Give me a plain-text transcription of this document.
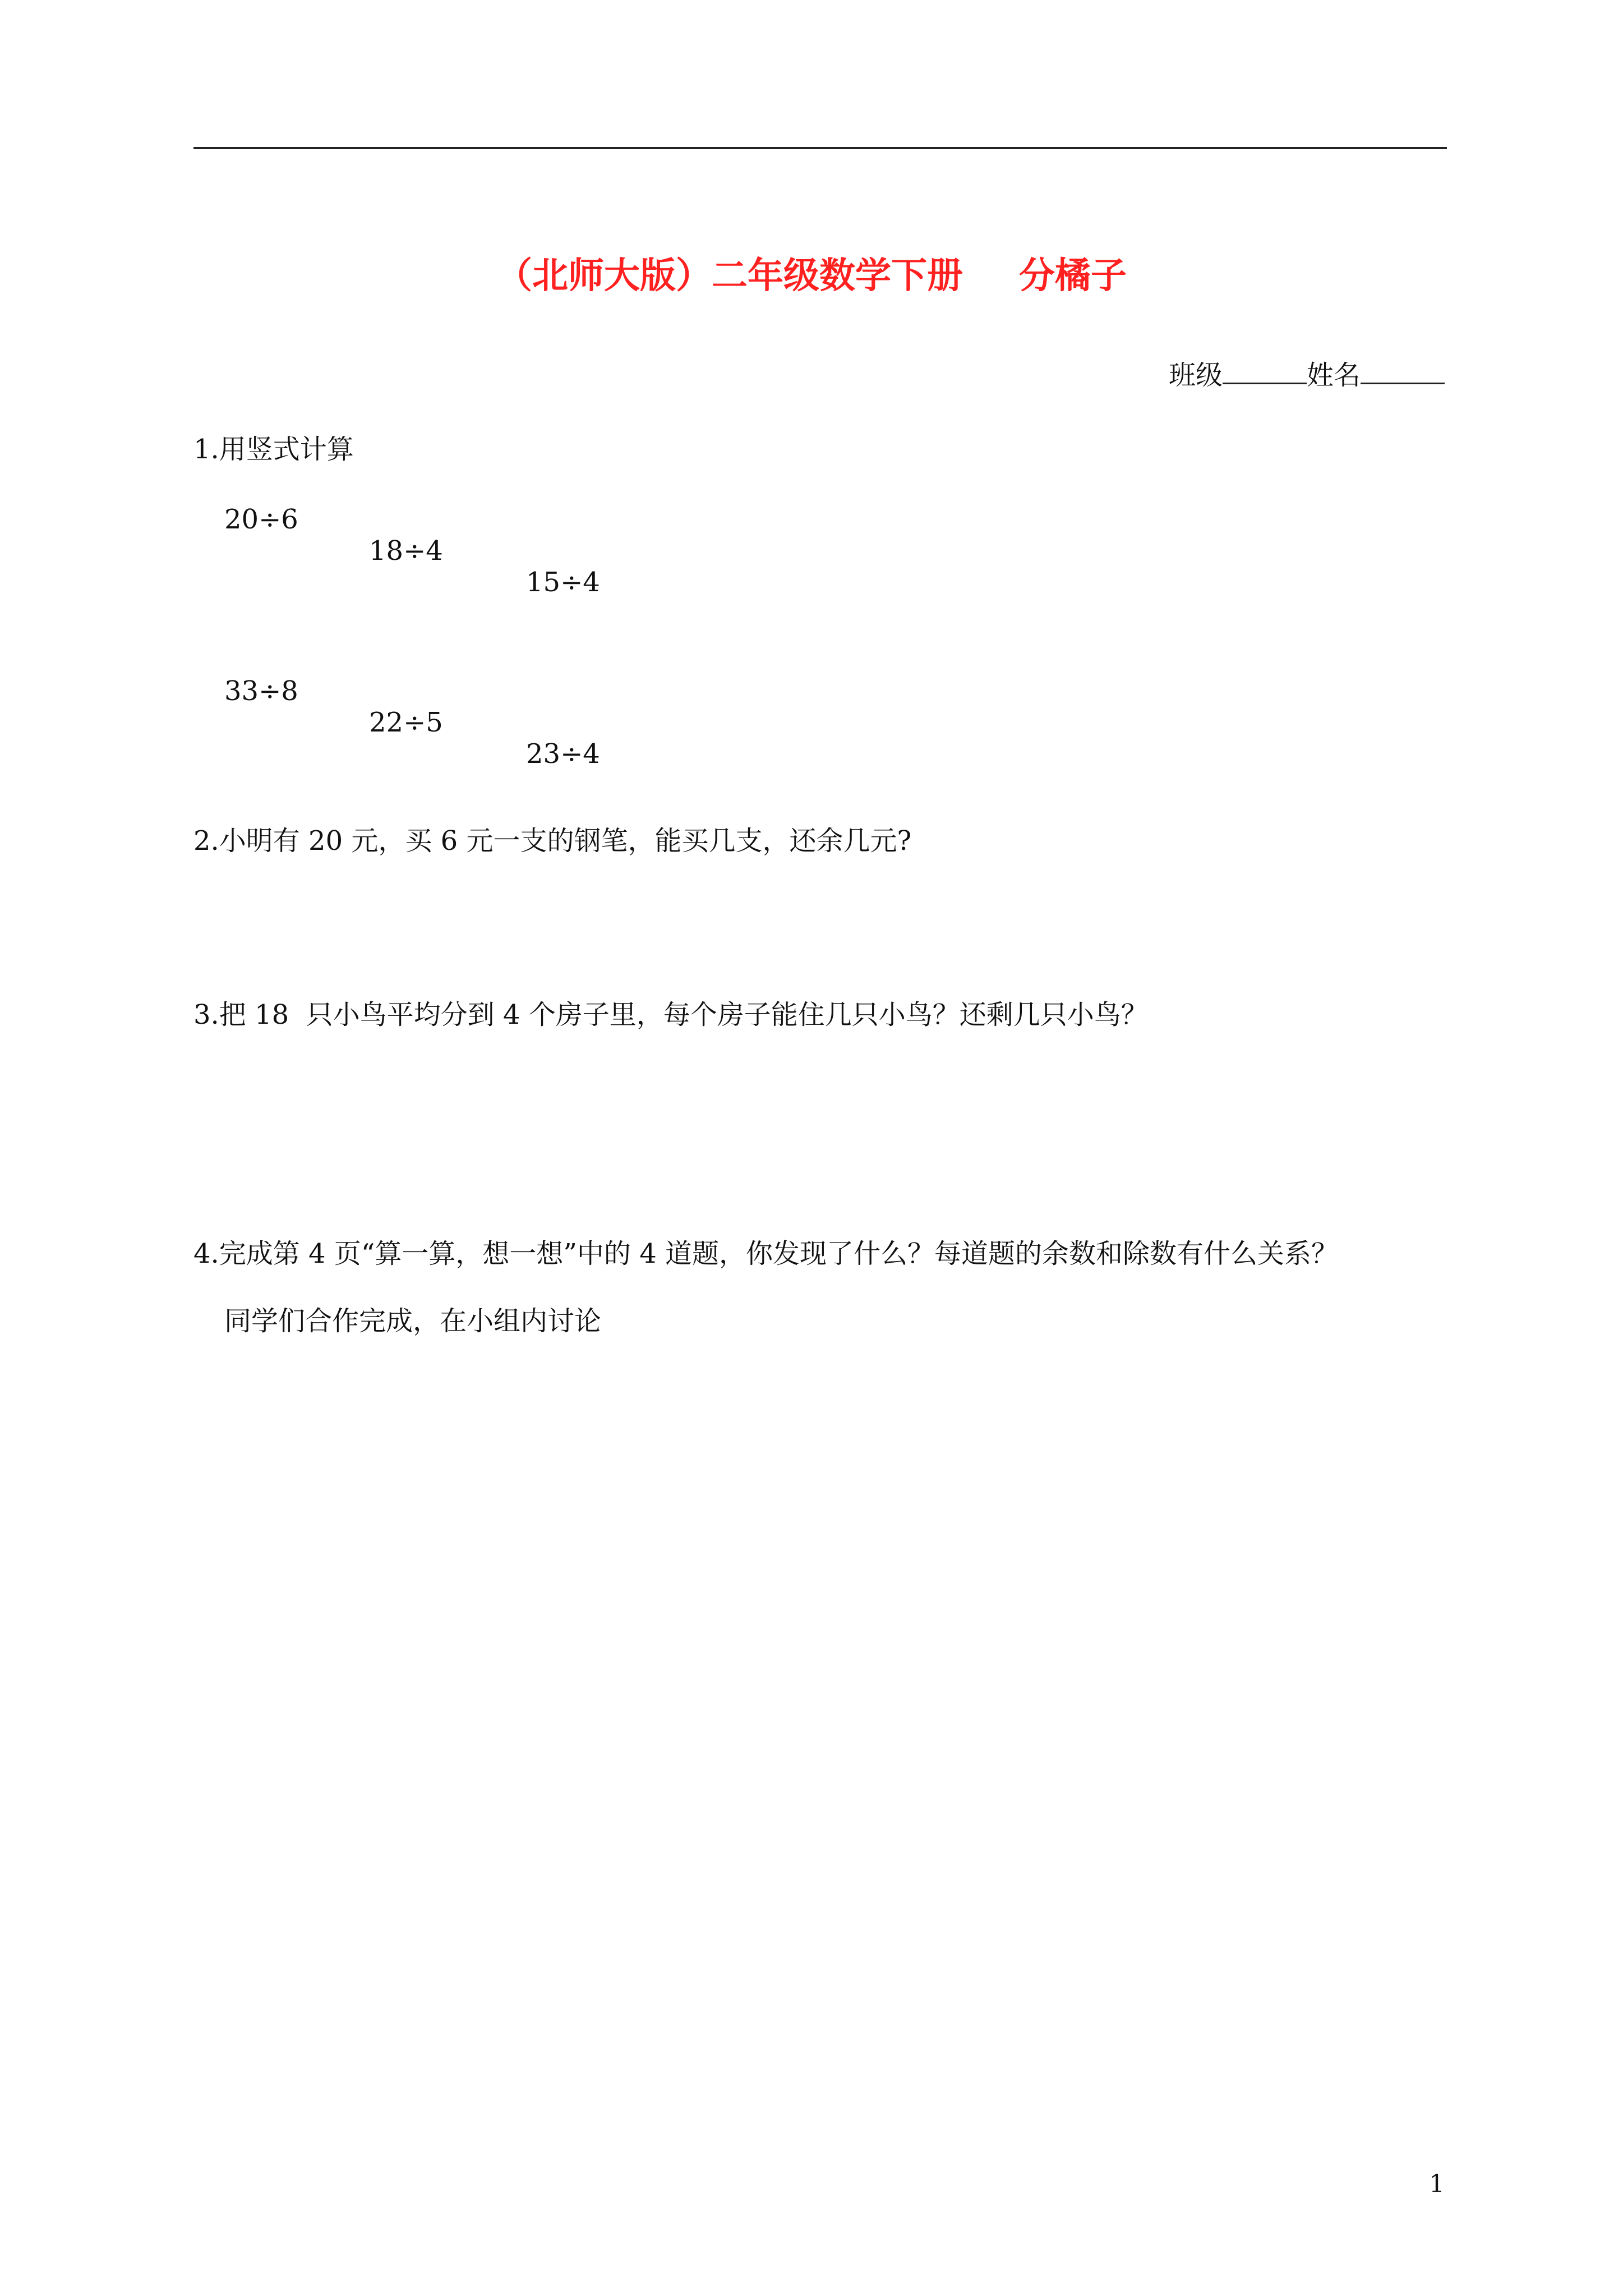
（北师大版）二年级数学下册 分橘子
班级	姓名
1.用竖式计算

20÷6

18÷4

15÷4

33÷8

22÷5

23÷4

2.小明有 20 元，买 6 元一支的钢笔，能买几支，还余几元?
3.把 18  只小鸟平均分到 4 个房子里，每个房子能住几只小鸟？还剩几只小鸟？
4.完成第 4 页“算一算，想一想”中的 4 道题，你发现了什么？每道题的余数和除数有什么关系？
同学们合作完成，在小组内讨论
1
